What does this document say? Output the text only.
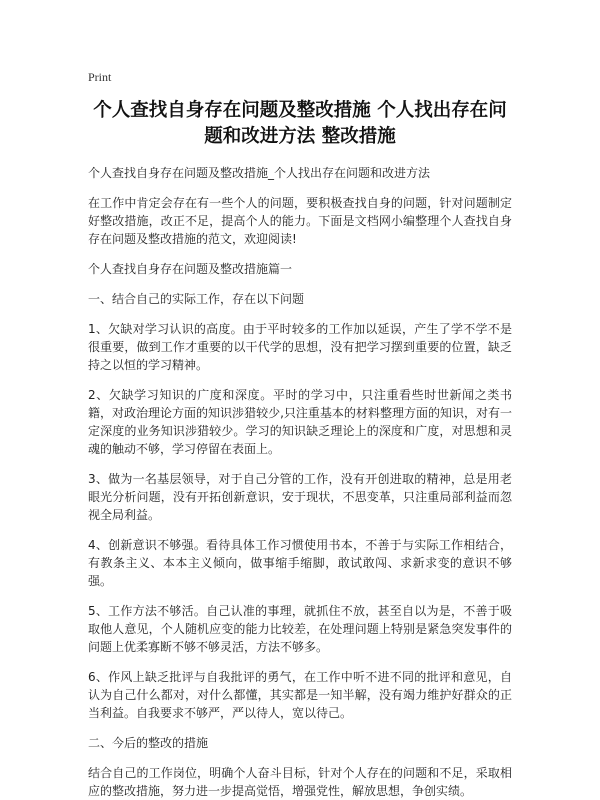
Print
个人查找自身存在问题及整改措施 个人找出存在问题和改进方法 整改措施
个人查找自身存在问题及整改措施_个人找出存在问题和改进方法
在工作中肯定会存在有一些个人的问题，要积极查找自身的问题，针对问题制定好整改措施，改正不足，提高个人的能力。下面是文档网小编整理个人查找自身存在问题及整改措施的范文，欢迎阅读!
个人查找自身存在问题及整改措施篇一
一、结合自己的实际工作，存在以下问题
1、欠缺对学习认识的高度。由于平时较多的工作加以延误，产生了学不学不是很重要，做到工作才重要的以干代学的思想，没有把学习摆到重要的位置，缺乏持之以恒的学习精神。
2、欠缺学习知识的广度和深度。平时的学习中，只注重看些时世新闻之类书籍，对政治理论方面的知识涉猎较少,只注重基本的材料整理方面的知识，对有一定深度的业务知识涉猎较少。学习的知识缺乏理论上的深度和广度，对思想和灵魂的触动不够，学习停留在表面上。
3、做为一名基层领导，对于自己分管的工作，没有开创进取的精神，总是用老眼光分析问题，没有开拓创新意识，安于现状，不思变革，只注重局部利益而忽视全局利益。
4、创新意识不够强。看待具体工作习惯使用书本，不善于与实际工作相结合，有教条主义、本本主义倾向，做事缩手缩脚，敢试敢闯、求新求变的意识不够强。
5、工作方法不够活。自己认准的事理，就抓住不放，甚至自以为是，不善于吸取他人意见，个人随机应变的能力比较差，在处理问题上特别是紧急突发事件的问题上优柔寡断不够不够灵活，方法不够多。
6、作风上缺乏批评与自我批评的勇气，在工作中听不进不同的批评和意见，自认为自己什么都对，对什么都懂，其实都是一知半解，没有竭力维护好群众的正当利益。自我要求不够严，严以待人，宽以待己。
二、今后的整改的措施
结合自己的工作岗位，明确个人奋斗目标，针对个人存在的问题和不足，采取相应的整改措施，努力进一步提高觉悟，增强党性，解放思想，争创实绩。
